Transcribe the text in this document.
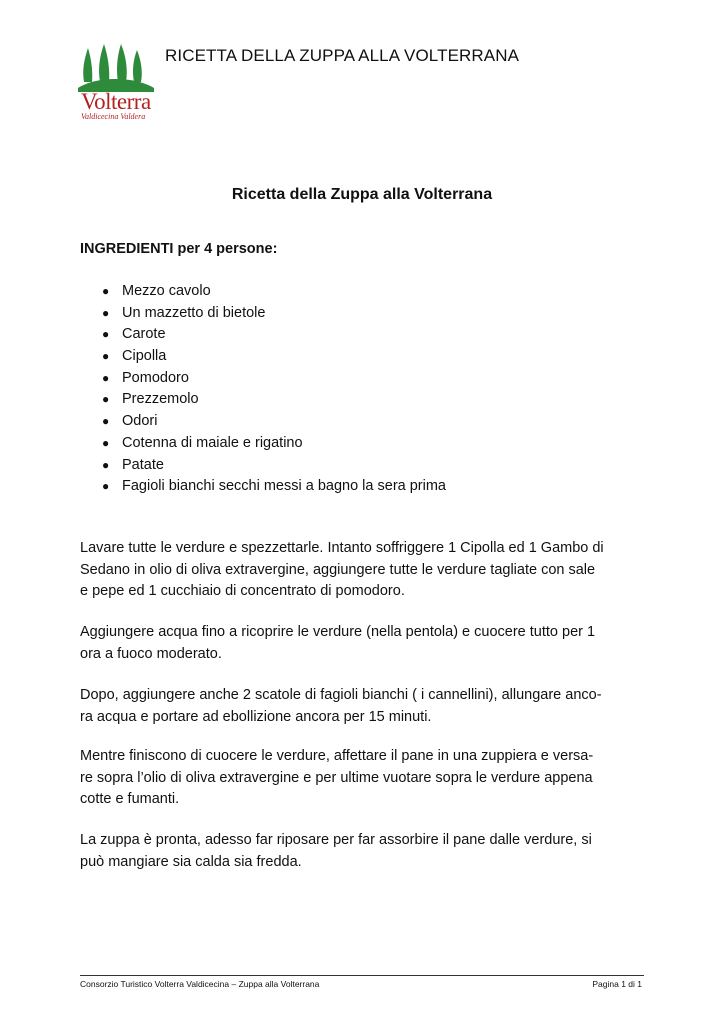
Volterra
Valdicecina Valdera
RICETTA DELLA ZUPPA ALLA VOLTERRANA
Ricetta della Zuppa alla Volterrana
INGREDIENTI per 4 persone:
● Mezzo cavolo
● Un mazzetto di bietole
● Carote
● Cipolla
● Pomodoro
● Prezzemolo
● Odori
● Cotenna di maiale e rigatino
● Patate
● Fagioli bianchi secchi messi a bagno la sera prima
Lavare tutte le verdure e spezzettarle. Intanto soffriggere 1 Cipolla ed 1 Gambo di
Sedano in olio di oliva extravergine, aggiungere tutte le verdure tagliate con sale
e pepe ed 1 cucchiaio di concentrato di pomodoro.
Aggiungere acqua fino a ricoprire le verdure (nella pentola) e cuocere tutto per 1
ora a fuoco moderato.
Dopo, aggiungere anche 2 scatole di fagioli bianchi ( i cannellini), allungare anco-
ra acqua e portare ad ebollizione ancora per 15 minuti.
Mentre finiscono di cuocere le verdure, affettare il pane in una zuppiera e versa-
re sopra l’olio di oliva extravergine e per ultime vuotare sopra le verdure appena
cotte e fumanti.
La zuppa è pronta, adesso far riposare per far assorbire il pane dalle verdure, si
può mangiare sia calda sia fredda.
Consorzio Turistico Volterra Valdicecina – Zuppa alla Volterrana	Pagina 1 di 1
